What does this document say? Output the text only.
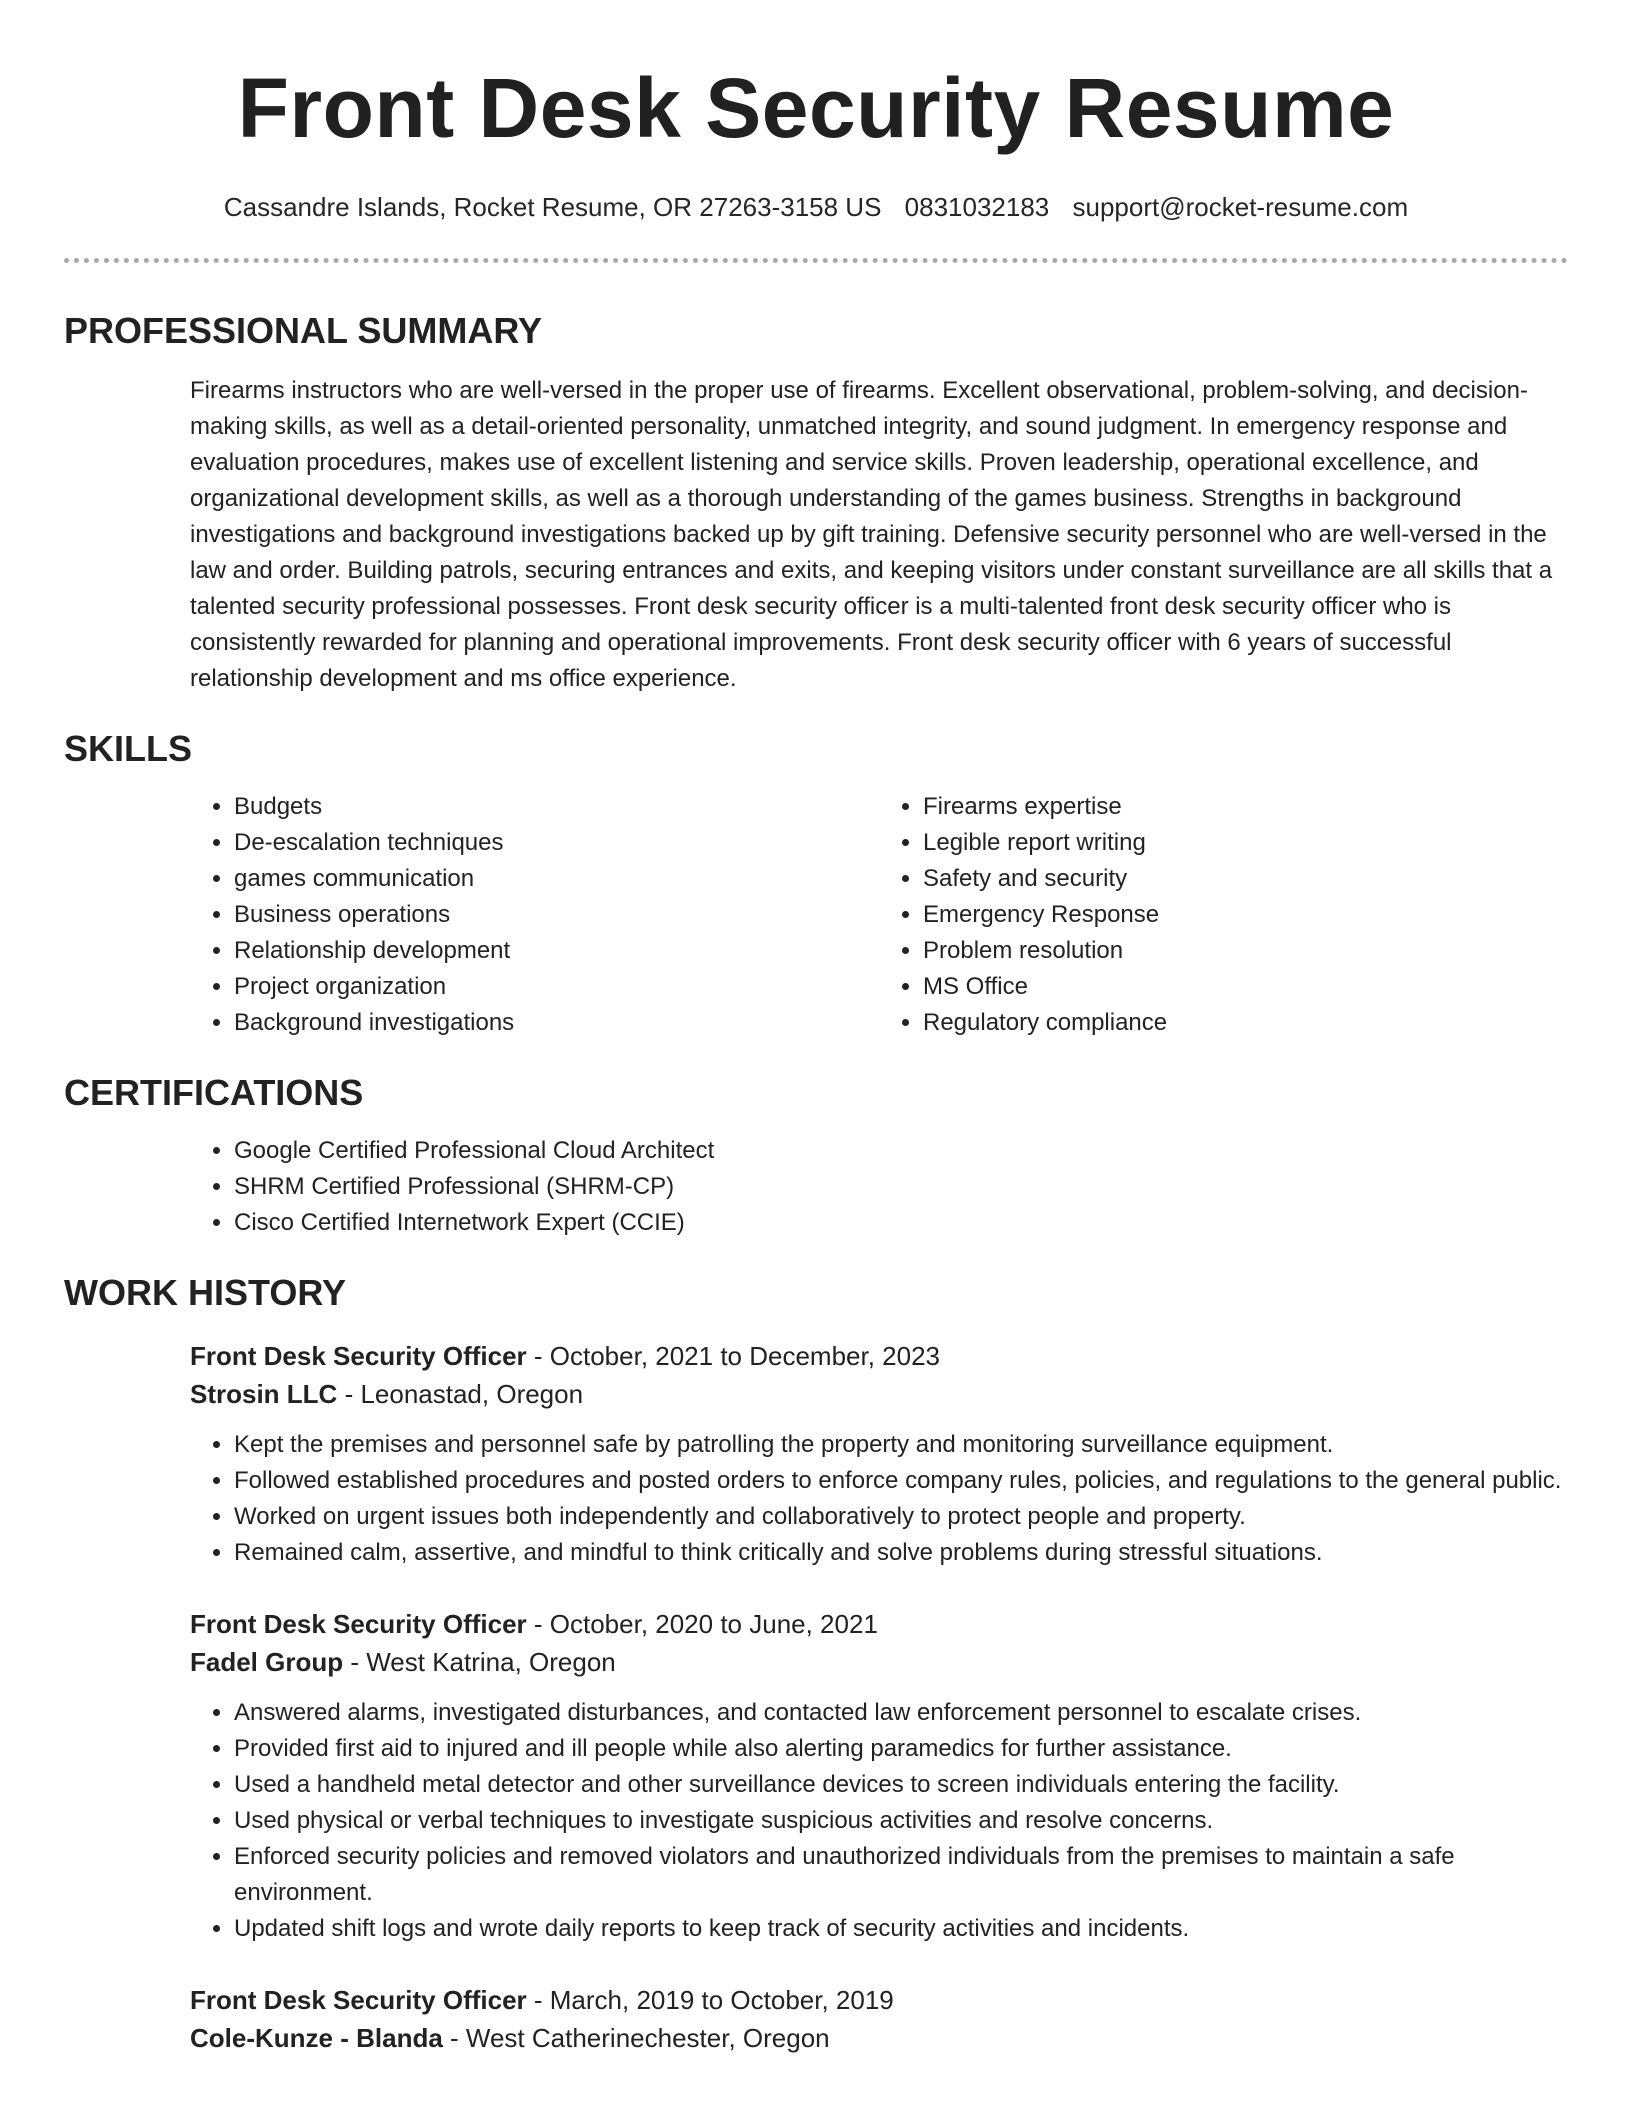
Front Desk Security Resume
Cassandre Islands, Rocket Resume, OR 27263-3158 US 0831032183 support@rocket-resume.com
PROFESSIONAL SUMMARY

Firearms instructors who are well-versed in the proper use of firearms. Excellent observational, problem-solving, and decision-making skills, as well as a detail-oriented personality, unmatched integrity, and sound judgment. In emergency response and evaluation procedures, makes use of excellent listening and service skills. Proven leadership, operational excellence, and organizational development skills, as well as a thorough understanding of the games business. Strengths in background investigations and background investigations backed up by gift training. Defensive security personnel who are well-versed in the law and order. Building patrols, securing entrances and exits, and keeping visitors under constant surveillance are all skills that a talented security professional possesses. Front desk security officer is a multi-talented front desk security officer who is consistently rewarded for planning and operational improvements. Front desk security officer with 6 years of successful relationship development and ms office experience.

SKILLS
• Budgets
• De-escalation techniques
• games communication
• Business operations
• Relationship development
• Project organization
• Background investigations
• Firearms expertise
• Legible report writing
• Safety and security
• Emergency Response
• Problem resolution
• MS Office
• Regulatory compliance
CERTIFICATIONS
• Google Certified Professional Cloud Architect
• SHRM Certified Professional (SHRM-CP)
• Cisco Certified Internetwork Expert (CCIE)
WORK HISTORY
Front Desk Security Officer - October, 2021 to December, 2023
Strosin LLC - Leonastad, Oregon
• Kept the premises and personnel safe by patrolling the property and monitoring surveillance equipment.
• Followed established procedures and posted orders to enforce company rules, policies, and regulations to the general public.
• Worked on urgent issues both independently and collaboratively to protect people and property.
• Remained calm, assertive, and mindful to think critically and solve problems during stressful situations.
Front Desk Security Officer - October, 2020 to June, 2021
Fadel Group - West Katrina, Oregon
• Answered alarms, investigated disturbances, and contacted law enforcement personnel to escalate crises.
• Provided first aid to injured and ill people while also alerting paramedics for further assistance.
• Used a handheld metal detector and other surveillance devices to screen individuals entering the facility.
• Used physical or verbal techniques to investigate suspicious activities and resolve concerns.
• Enforced security policies and removed violators and unauthorized individuals from the premises to maintain a safe environment.
• Updated shift logs and wrote daily reports to keep track of security activities and incidents.
Front Desk Security Officer - March, 2019 to October, 2019
Cole-Kunze - Blanda - West Catherinechester, Oregon
